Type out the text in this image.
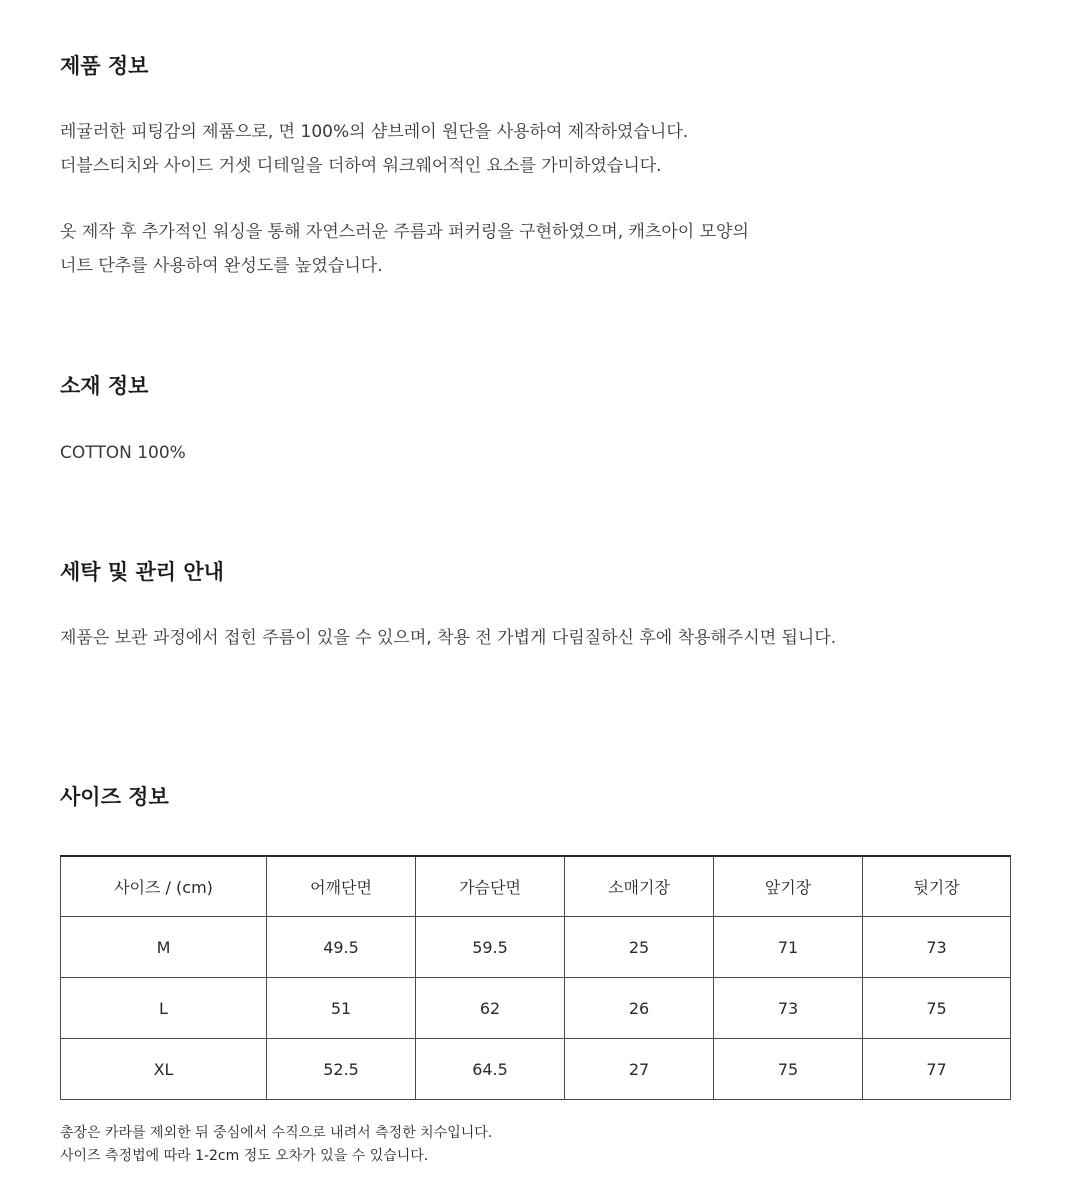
제품 정보

레귤러한 피팅감의 제품으로, 면 100%의 샴브레이 원단을 사용하여 제작하였습니다.
더블스티치와 사이드 거셋 디테일을 더하여 워크웨어적인 요소를 가미하였습니다.

옷 제작 후 추가적인 워싱을 통해 자연스러운 주름과 퍼커링을 구현하였으며, 캐츠아이 모양의
너트 단추를 사용하여 완성도를 높였습니다.

소재 정보

COTTON 100%

세탁 및 관리 안내

제품은 보관 과정에서 접힌 주름이 있을 수 있으며, 착용 전 가볍게 다림질하신 후에 착용해주시면 됩니다.

사이즈 정보
사이즈 / (cm)	어깨단면	가슴단면	소매기장	앞기장	뒷기장
M	49.5	59.5	25	71	73
L	51	62	26	73	75
XL	52.5	64.5	27	75	77
총장은 카라를 제외한 뒤 중심에서 수직으로 내려서 측정한 치수입니다.
사이즈 측정법에 따라 1-2cm 정도 오차가 있을 수 있습니다.
